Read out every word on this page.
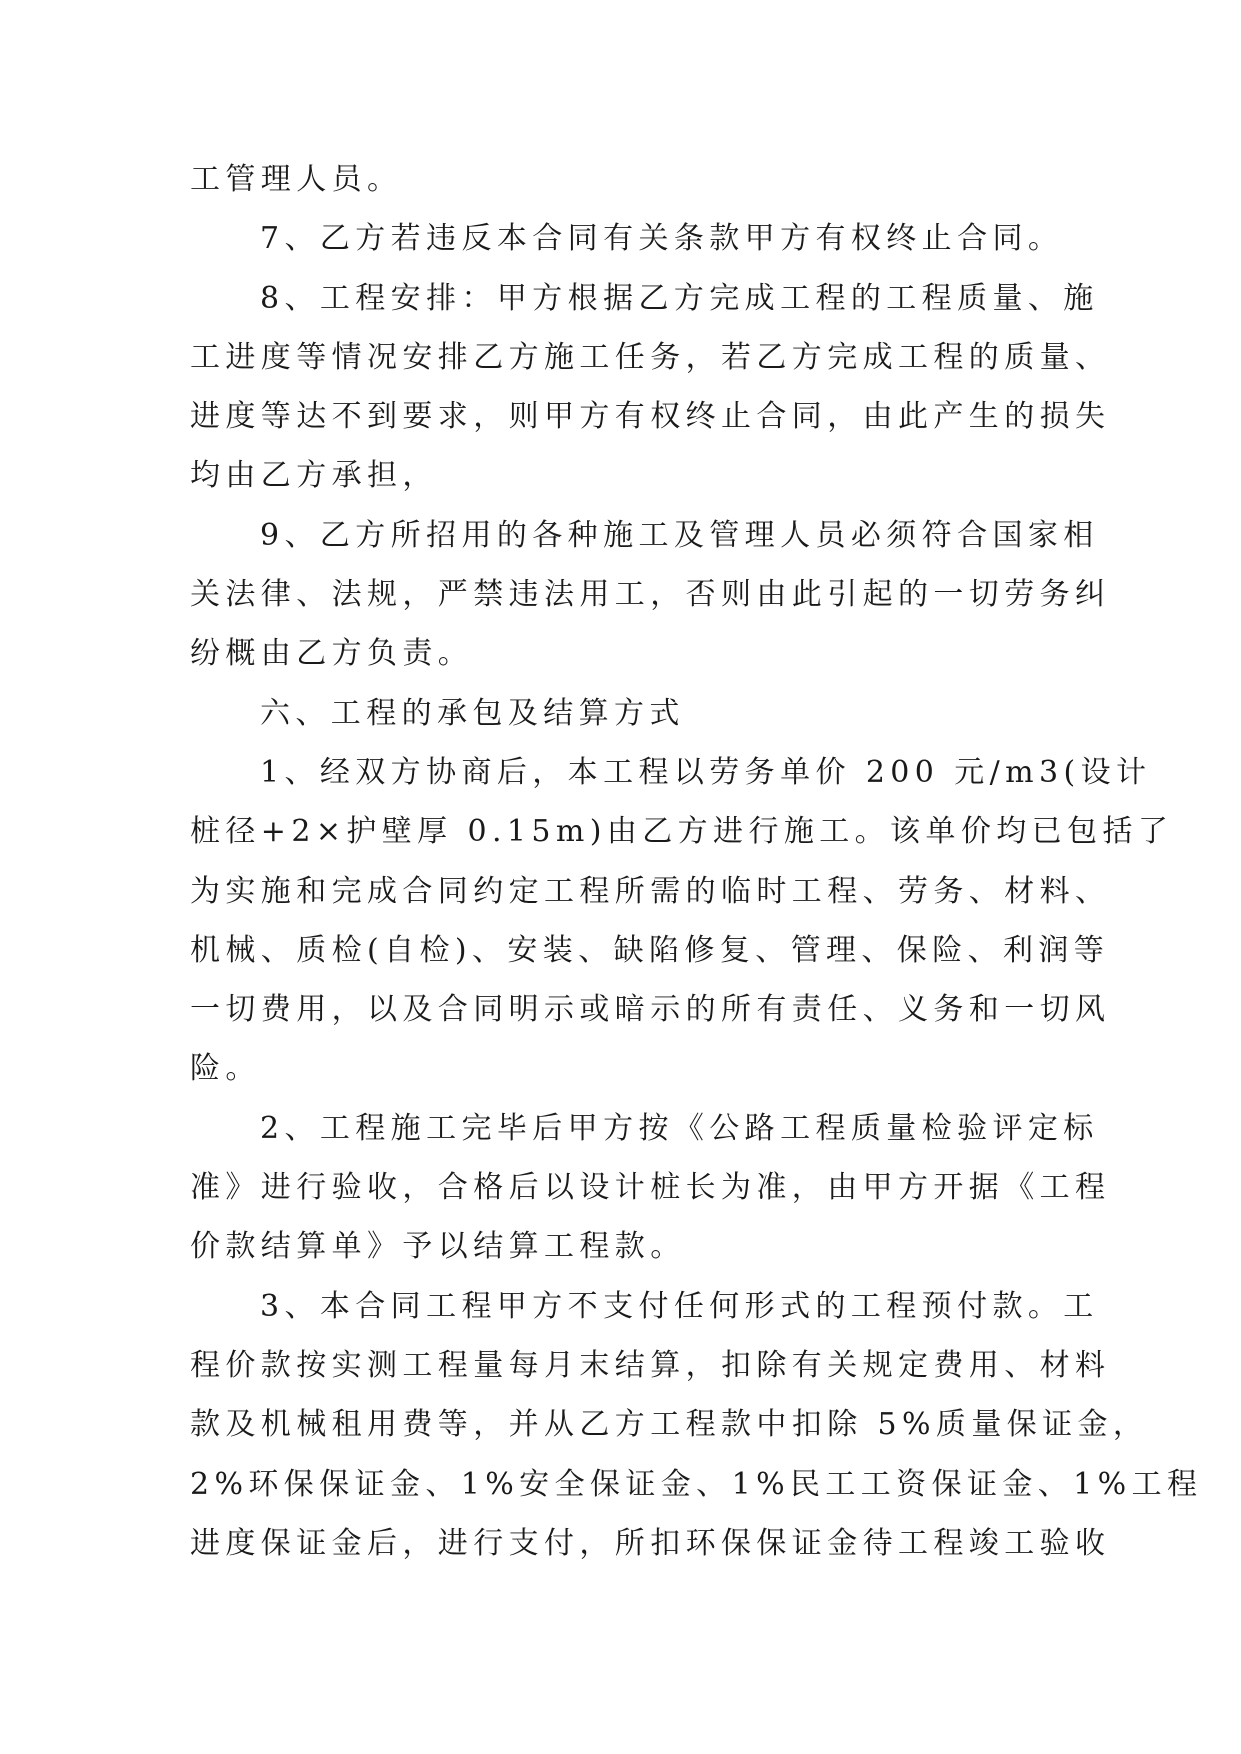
工管理人员。
7、乙方若违反本合同有关条款甲方有权终止合同。
8、工程安排：甲方根据乙方完成工程的工程质量、施
工进度等情况安排乙方施工任务，若乙方完成工程的质量、
进度等达不到要求，则甲方有权终止合同，由此产生的损失
均由乙方承担，
9、乙方所招用的各种施工及管理人员必须符合国家相
关法律、法规，严禁违法用工，否则由此引起的一切劳务纠
纷概由乙方负责。
六、工程的承包及结算方式
1、经双方协商后，本工程以劳务单价 200 元/m3(设计
桩径+2×护壁厚 0.15m)由乙方进行施工。该单价均已包括了
为实施和完成合同约定工程所需的临时工程、劳务、材料、
机械、质检(自检)、安装、缺陷修复、管理、保险、利润等
一切费用，以及合同明示或暗示的所有责任、义务和一切风
险。
2、工程施工完毕后甲方按《公路工程质量检验评定标
准》进行验收，合格后以设计桩长为准，由甲方开据《工程
价款结算单》予以结算工程款。
3、本合同工程甲方不支付任何形式的工程预付款。工
程价款按实测工程量每月末结算，扣除有关规定费用、材料
款及机械租用费等，并从乙方工程款中扣除 5%质量保证金，
2%环保保证金、1%安全保证金、1%民工工资保证金、1%工程
进度保证金后，进行支付，所扣环保保证金待工程竣工验收
